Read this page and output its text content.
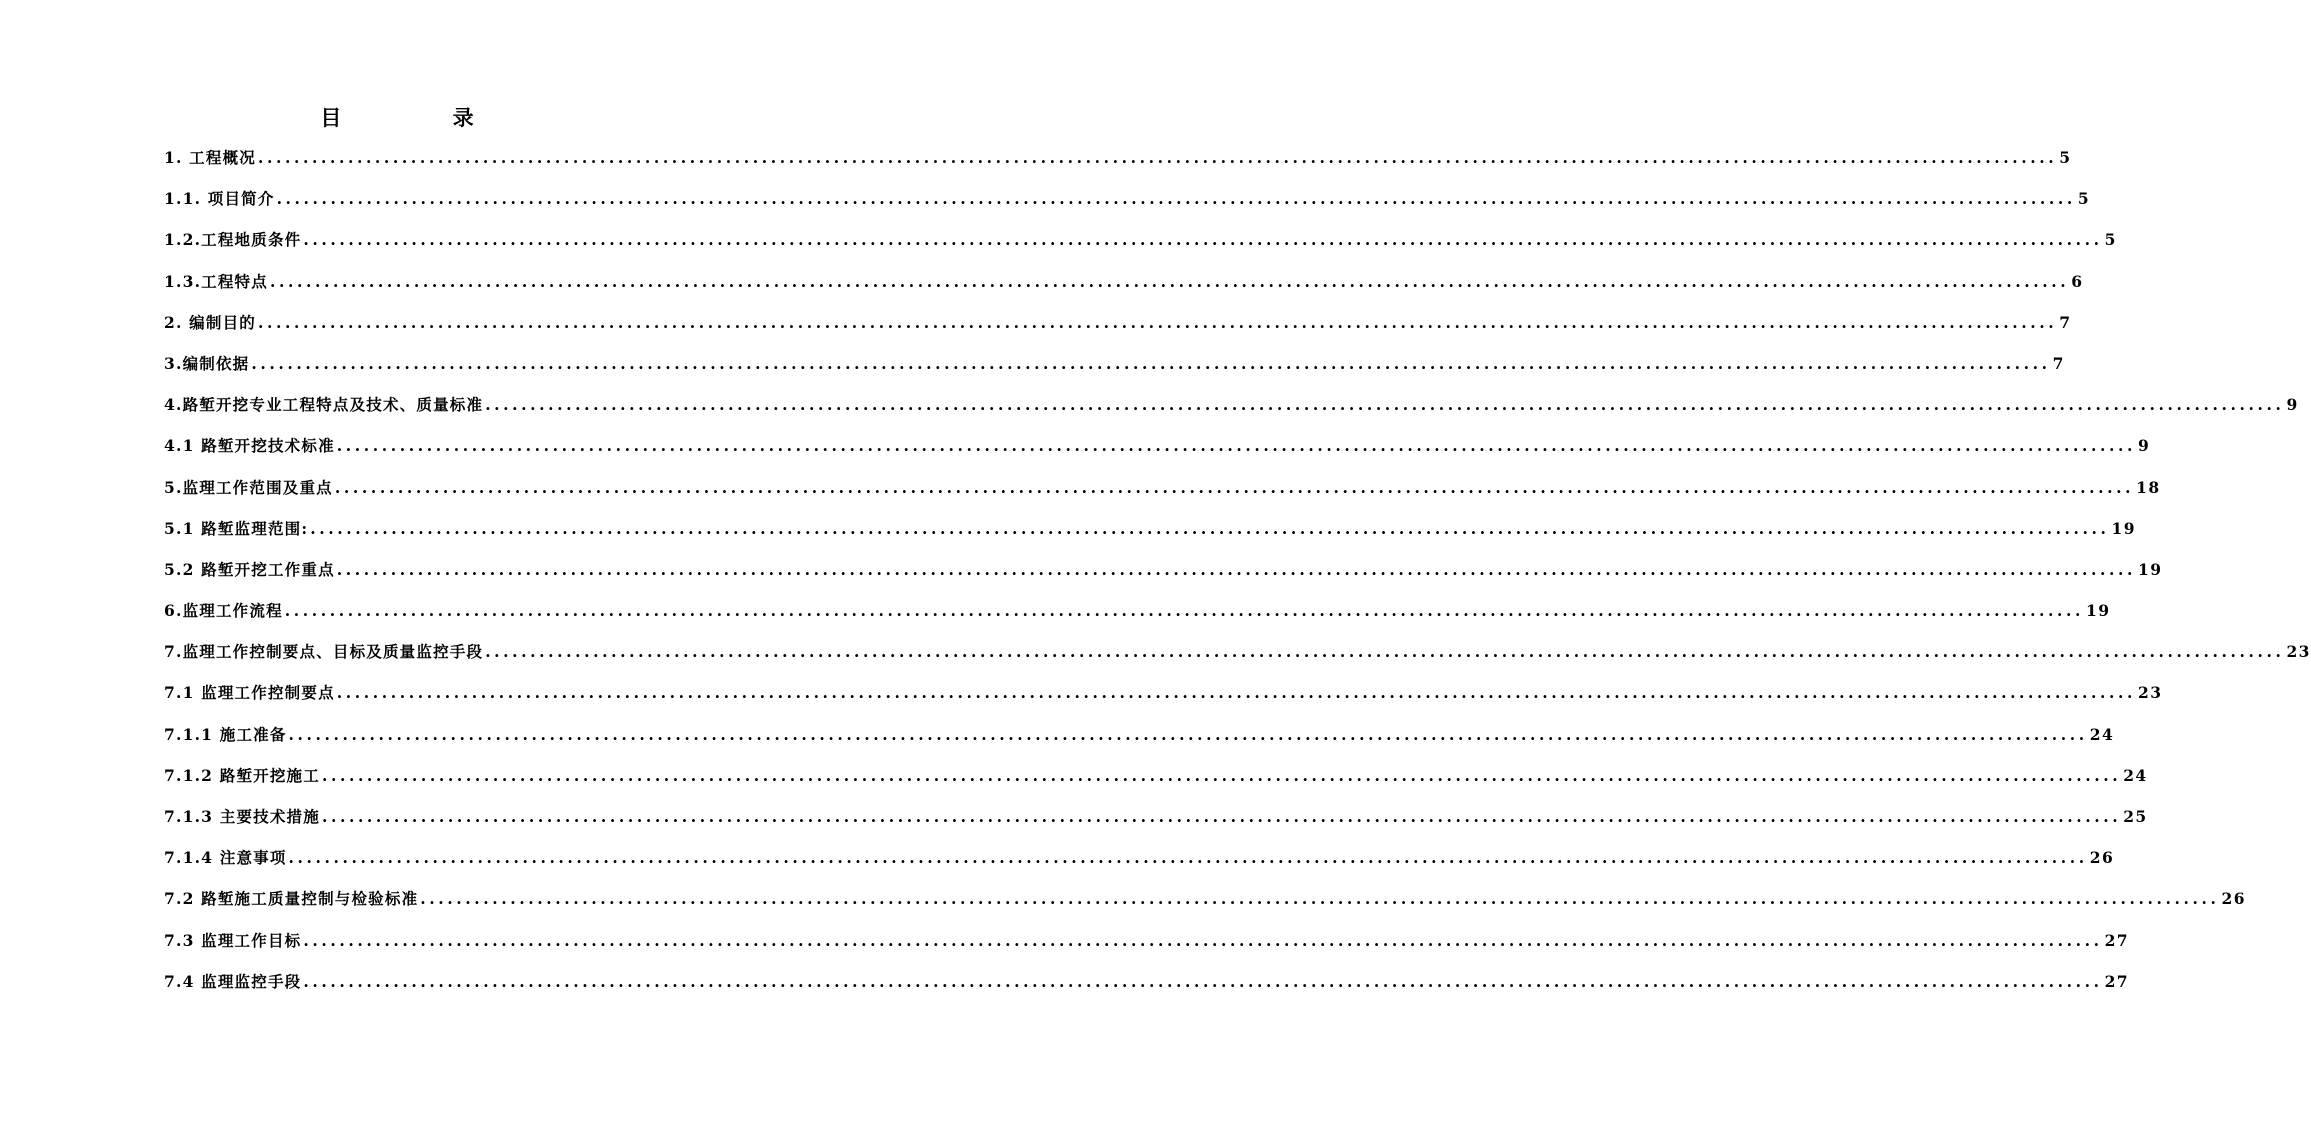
目 录
1. 工程概况 ........................................................................................................................................................................................................ 5
1.1. 项目简介 ........................................................................................................................................................................................................ 5
1.2.工程地质条件 ........................................................................................................................................................................................................ 5
1.3.工程特点 ........................................................................................................................................................................................................ 6
2. 编制目的 ........................................................................................................................................................................................................ 7
3.编制依据 ........................................................................................................................................................................................................ 7
4.路堑开挖专业工程特点及技术、质量标准 ........................................................................................................................................................................................................ 9
4.1 路堑开挖技术标准 ........................................................................................................................................................................................................ 9
5.监理工作范围及重点 ........................................................................................................................................................................................................ 18
5.1 路堑监理范围: ........................................................................................................................................................................................................ 19
5.2 路堑开挖工作重点 ........................................................................................................................................................................................................ 19
6.监理工作流程 ........................................................................................................................................................................................................ 19
7.监理工作控制要点、目标及质量监控手段 ........................................................................................................................................................................................................ 23
7.1 监理工作控制要点 ........................................................................................................................................................................................................ 23
7.1.1 施工准备 ........................................................................................................................................................................................................ 24
7.1.2 路堑开挖施工 ........................................................................................................................................................................................................ 24
7.1.3 主要技术措施 ........................................................................................................................................................................................................ 25
7.1.4 注意事项 ........................................................................................................................................................................................................ 26
7.2 路堑施工质量控制与检验标准 ........................................................................................................................................................................................................ 26
7.3 监理工作目标 ........................................................................................................................................................................................................ 27
7.4 监理监控手段 ........................................................................................................................................................................................................ 27
